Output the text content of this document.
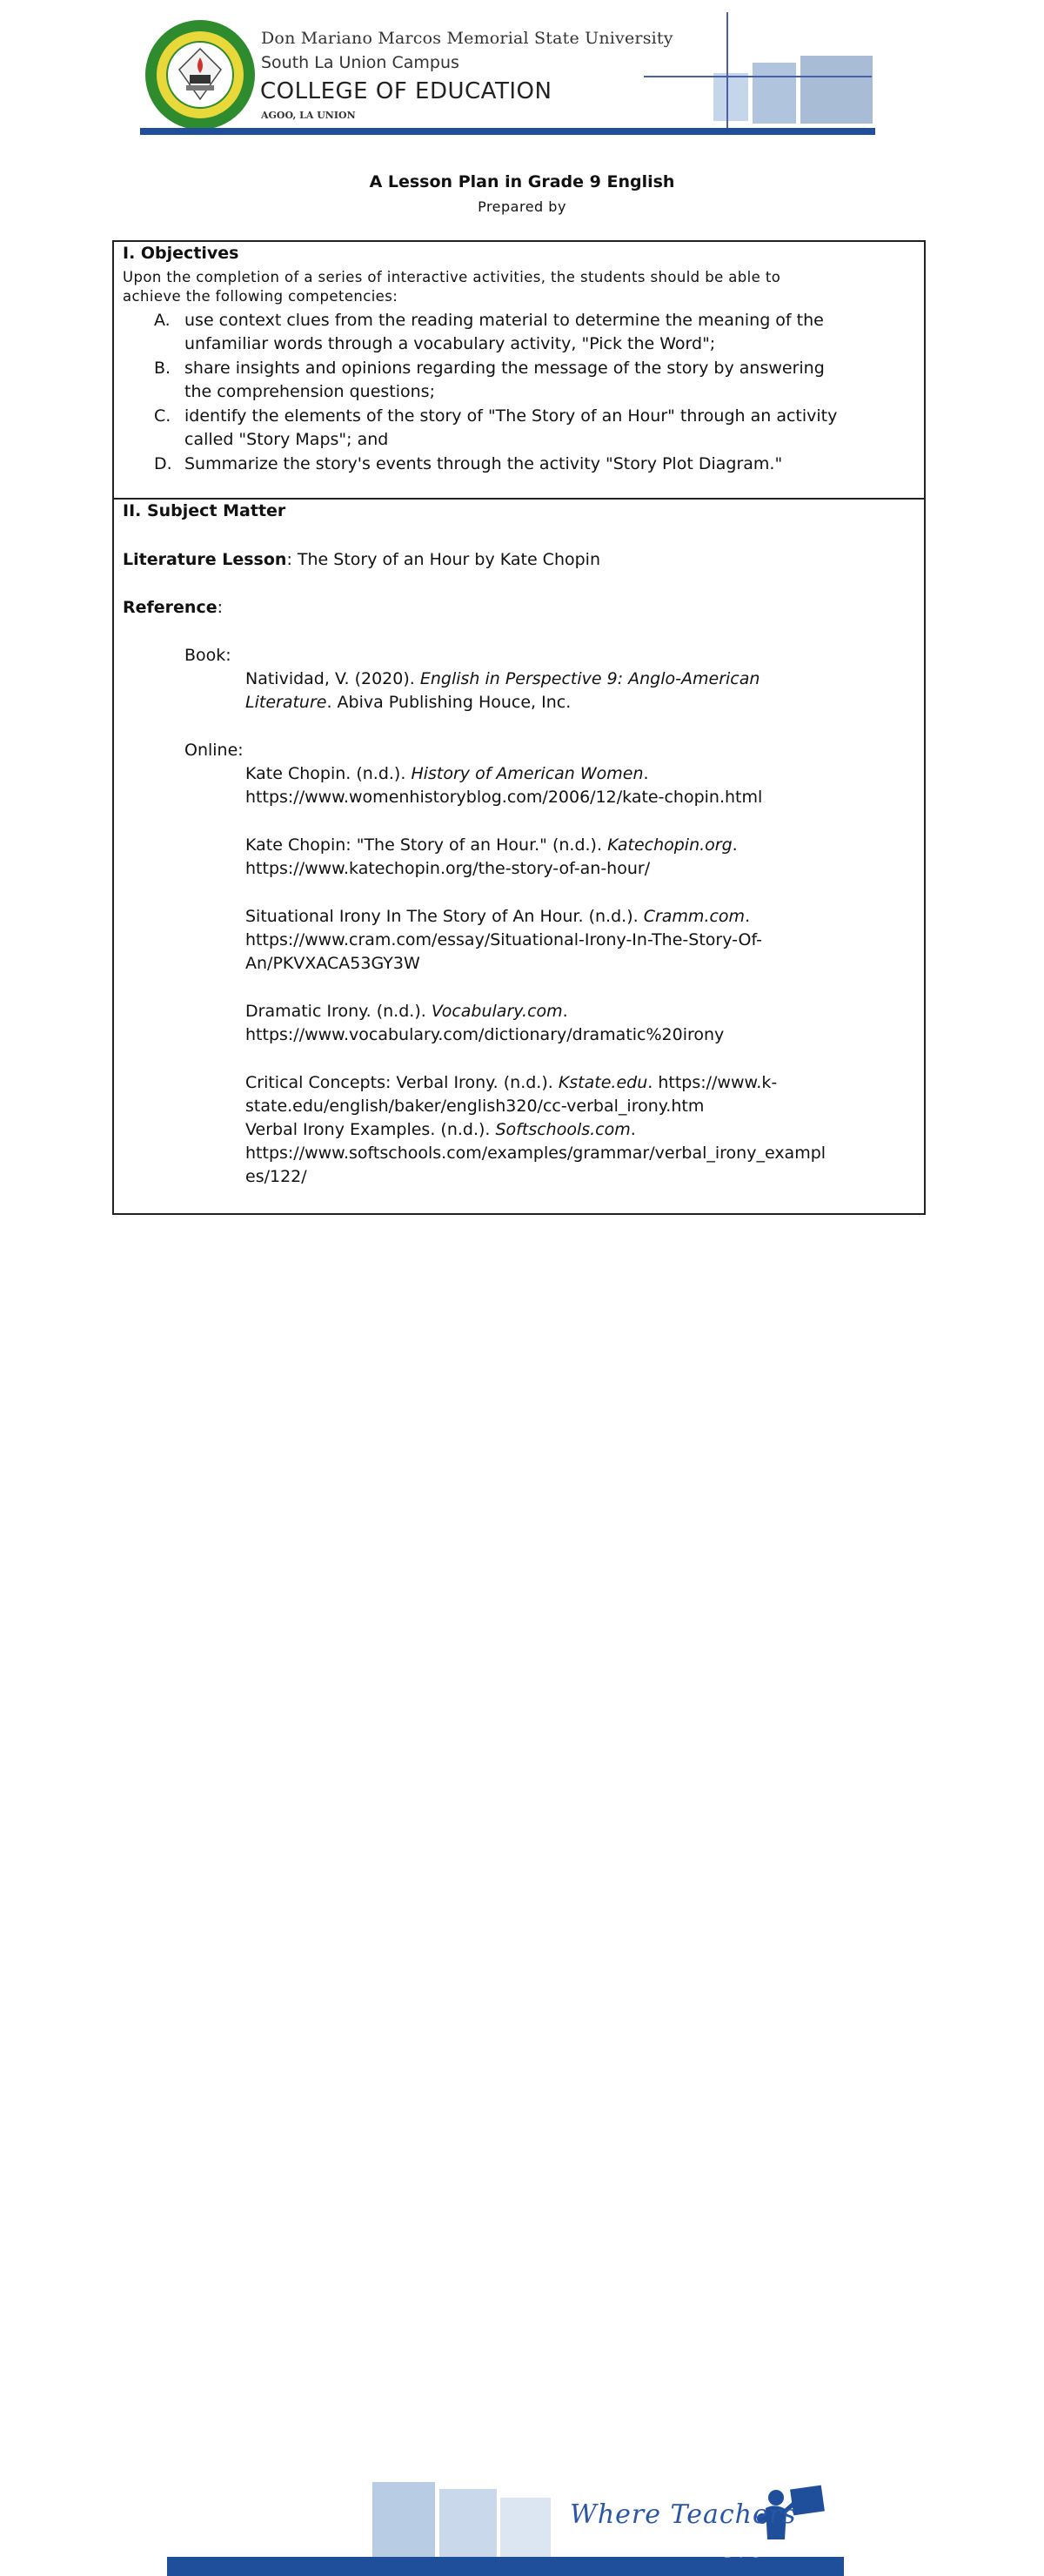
Don Mariano Marcos Memorial State University
South La Union Campus
COLLEGE OF EDUCATION
AGOO, LA UNION
A Lesson Plan in Grade 9 English
Prepared by
I. Objectives
Upon the completion of a series of interactive activities, the students should be able to
achieve the following competencies:
A. use context clues from the reading material to determine the meaning of the
unfamiliar words through a vocabulary activity, "Pick the Word";
B. share insights and opinions regarding the message of the story by answering
the comprehension questions;
C. identify the elements of the story of "The Story of an Hour" through an activity
called "Story Maps"; and
D. Summarize the story's events through the activity "Story Plot Diagram."
II. Subject Matter
Literature Lesson: The Story of an Hour by Kate Chopin
Reference:
Book:
Natividad, V. (2020). English in Perspective 9: Anglo-American
Literature. Abiva Publishing Houce, Inc.
Online:
Kate Chopin. (n.d.). History of American Women.
https://www.womenhistoryblog.com/2006/12/kate-chopin.html
Kate Chopin: "The Story of an Hour." (n.d.). Katechopin.org.
https://www.katechopin.org/the-story-of-an-hour/
Situational Irony In The Story of An Hour. (n.d.). Cramm.com.
https://www.cram.com/essay/Situational-Irony-In-The-Story-Of-
An/PKVXACA53GY3W
Dramatic Irony. (n.d.). Vocabulary.com.
https://www.vocabulary.com/dictionary/dramatic%20irony
Critical Concepts: Verbal Irony. (n.d.). Kstate.edu. https://www.k-
state.edu/english/baker/english320/cc-verbal_irony.htm
Verbal Irony Examples. (n.d.). Softschools.com.
https://www.softschools.com/examples/grammar/verbal_irony_exampl
es/122/
Where Teachers
Grow
